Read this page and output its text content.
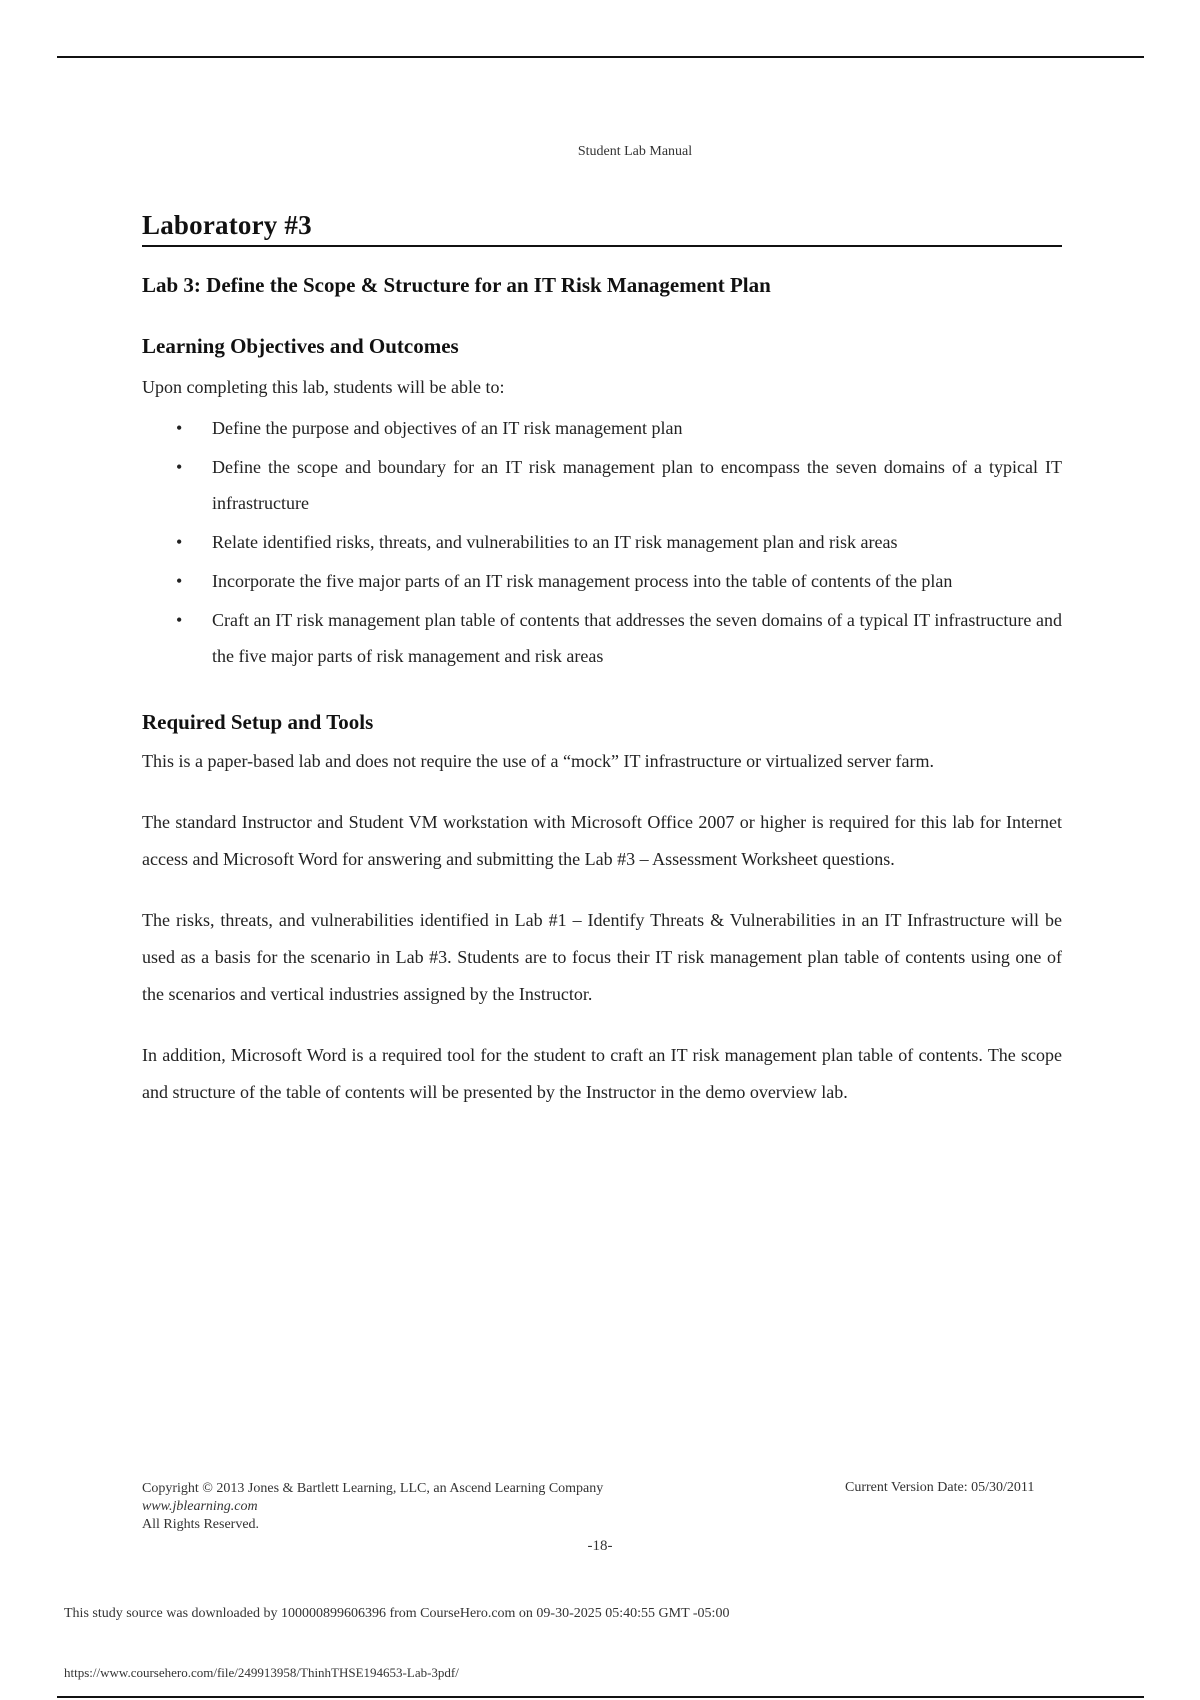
Student Lab Manual
Laboratory #3
Lab 3: Define the Scope & Structure for an IT Risk Management Plan
Learning Objectives and Outcomes

Upon completing this lab, students will be able to:

• Define the purpose and objectives of an IT risk management plan
• Define the scope and boundary for an IT risk management plan to encompass the seven domains of a typical IT infrastructure
• Relate identified risks, threats, and vulnerabilities to an IT risk management plan and risk areas
• Incorporate the five major parts of an IT risk management process into the table of contents of the plan
• Craft an IT risk management plan table of contents that addresses the seven domains of a typical IT infrastructure and the five major parts of risk management and risk areas
Required Setup and Tools

This is a paper-based lab and does not require the use of a “mock” IT infrastructure or virtualized server farm.

The standard Instructor and Student VM workstation with Microsoft Office 2007 or higher is required for this lab for Internet access and Microsoft Word for answering and submitting the Lab #3 – Assessment Worksheet questions.

The risks, threats, and vulnerabilities identified in Lab #1 – Identify Threats & Vulnerabilities in an IT Infrastructure will be used as a basis for the scenario in Lab #3. Students are to focus their IT risk management plan table of contents using one of the scenarios and vertical industries assigned by the Instructor.

In addition, Microsoft Word is a required tool for the student to craft an IT risk management plan table of contents. The scope and structure of the table of contents will be presented by the Instructor in the demo overview lab.

Copyright © 2013 Jones & Bartlett Learning, LLC, an Ascend Learning Company
www.jblearning.com
All Rights Reserved.
Current Version Date: 05/30/2011
-18-
This study source was downloaded by 100000899606396 from CourseHero.com on 09-30-2025 05:40:55 GMT -05:00
https://www.coursehero.com/file/249913958/ThinhTHSE194653-Lab-3pdf/
